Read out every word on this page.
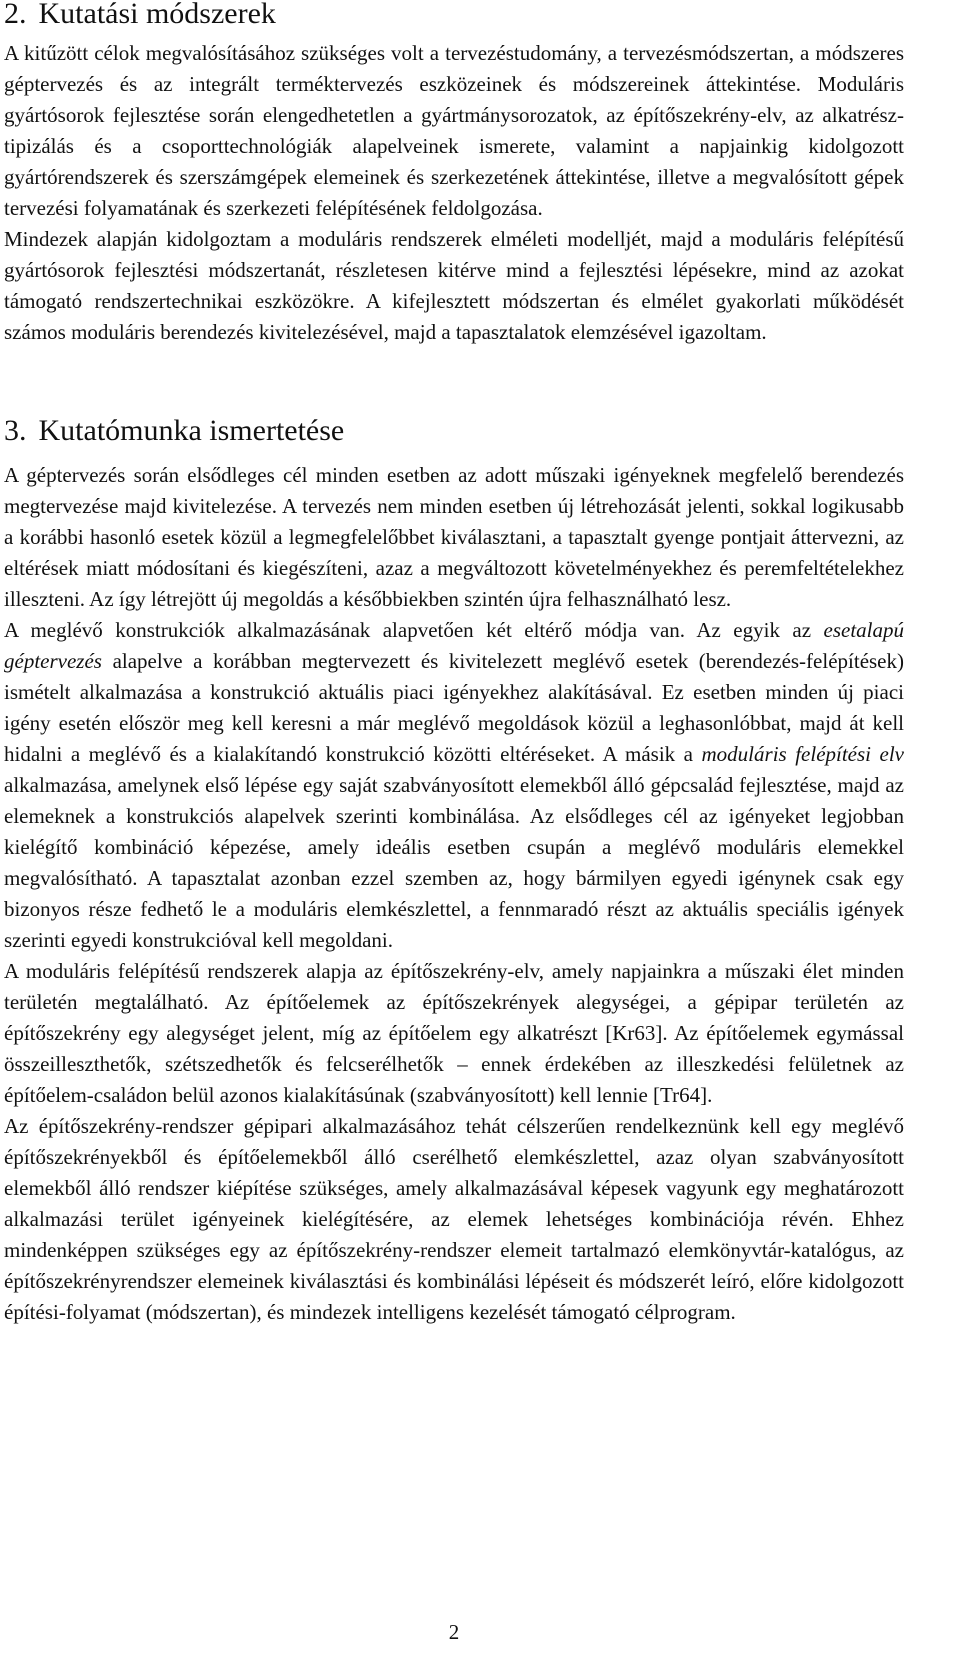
2. Kutatási módszerek

A kitűzött célok megvalósításához szükséges volt a tervezéstudomány, a tervezésmódszertan, a módszeres géptervezés és az integrált terméktervezés eszközeinek és módszereinek áttekintése. Moduláris gyártósorok fejlesztése során elengedhetetlen a gyártmánysorozatok, az építőszekrény-elv, az alkatrész-tipizálás és a csoporttechnológiák alapelveinek ismerete, valamint a napjainkig kidolgozott gyártórendszerek és szerszámgépek elemeinek és szerkezetének áttekintése, illetve a megvalósított gépek tervezési folyamatának és szerkezeti felépítésének feldolgozása.

Mindezek alapján kidolgoztam a moduláris rendszerek elméleti modelljét, majd a moduláris felépítésű gyártósorok fejlesztési módszertanát, részletesen kitérve mind a fejlesztési lépésekre, mind az azokat támogató rendszertechnikai eszközökre. A kifejlesztett módszertan és elmélet gyakorlati működését számos moduláris berendezés kivitelezésével, majd a tapasztalatok elemzésével igazoltam.

3. Kutatómunka ismertetése

A géptervezés során elsődleges cél minden esetben az adott műszaki igényeknek megfelelő berendezés megtervezése majd kivitelezése. A tervezés nem minden esetben új létrehozását jelenti, sokkal logikusabb a korábbi hasonló esetek közül a legmegfelelőbbet kiválasztani, a tapasztalt gyenge pontjait áttervezni, az eltérések miatt módosítani és kiegészíteni, azaz a megváltozott követelményekhez és peremfeltételekhez illeszteni. Az így létrejött új megoldás a későbbiekben szintén újra felhasználható lesz.

A meglévő konstrukciók alkalmazásának alapvetően két eltérő módja van. Az egyik az esetalapú géptervezés alapelve a korábban megtervezett és kivitelezett meglévő esetek (berendezés-felépítések) ismételt alkalmazása a konstrukció aktuális piaci igényekhez alakításával. Ez esetben minden új piaci igény esetén először meg kell keresni a már meglévő megoldások közül a leghasonlóbbat, majd át kell hidalni a meglévő és a kialakítandó konstrukció közötti eltéréseket. A másik a moduláris felépítési elv alkalmazása, amelynek első lépése egy saját szabványosított elemekből álló gépcsalád fejlesztése, majd az elemeknek a konstrukciós alapelvek szerinti kombinálása. Az elsődleges cél az igényeket legjobban kielégítő kombináció képezése, amely ideális esetben csupán a meglévő moduláris elemekkel megvalósítható. A tapasztalat azonban ezzel szemben az, hogy bármilyen egyedi igénynek csak egy bizonyos része fedhető le a moduláris elemkészlettel, a fennmaradó részt az aktuális speciális igények szerinti egyedi konstrukcióval kell megoldani.

A moduláris felépítésű rendszerek alapja az építőszekrény-elv, amely napjainkra a műszaki élet minden területén megtalálható. Az építőelemek az építőszekrények alegységei, a gépipar területén az építőszekrény egy alegységet jelent, míg az építőelem egy alkatrészt [Kr63]. Az építőelemek egymással összeilleszthetők, szétszedhetők és felcserélhetők – ennek érdekében az illeszkedési felületnek az építőelem-családon belül azonos kialakításúnak (szabványosított) kell lennie [Tr64].

Az építőszekrény-rendszer gépipari alkalmazásához tehát célszerűen rendelkeznünk kell egy meglévő építőszekrényekből és építőelemekből álló cserélhető elemkészlettel, azaz olyan szabványosított elemekből álló rendszer kiépítése szükséges, amely alkalmazásával képesek vagyunk egy meghatározott alkalmazási terület igényeinek kielégítésére, az elemek lehetséges kombinációja révén. Ehhez mindenképpen szükséges egy az építőszekrény-rendszer elemeit tartalmazó elemkönyvtár-katalógus, az építőszekrényrendszer elemeinek kiválasztási és kombinálási lépéseit és módszerét leíró, előre kidolgozott építési-folyamat (módszertan), és mindezek intelligens kezelését támogató célprogram.

2
